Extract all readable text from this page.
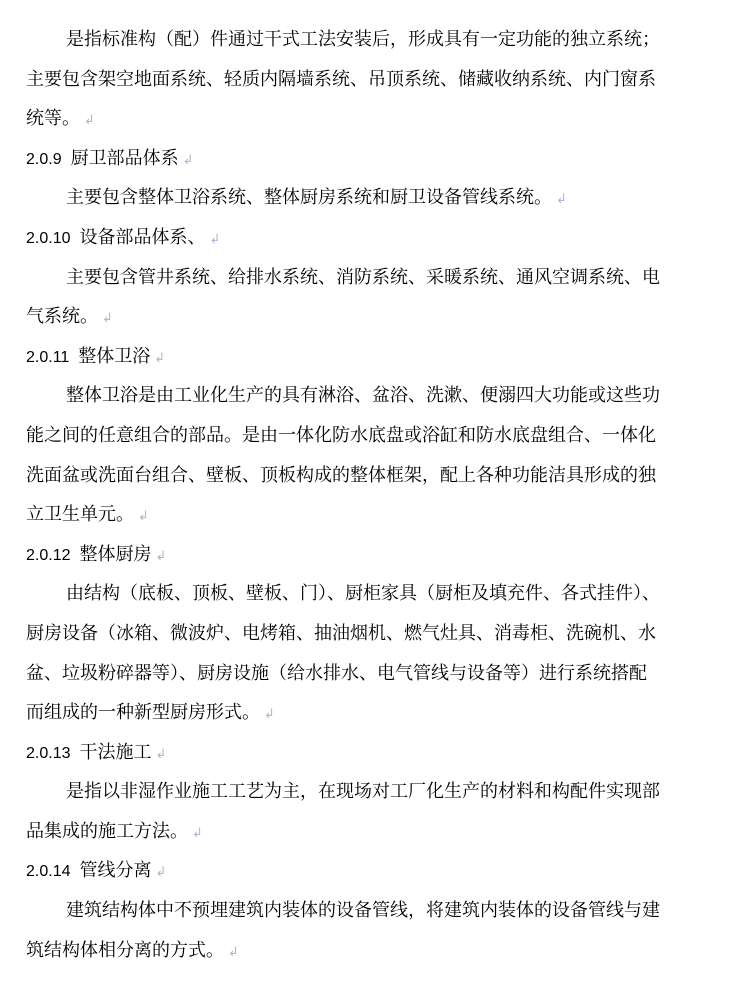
是指标准构（配）件通过干式工法安装后，形成具有一定功能的独立系统；
主要包含架空地面系统、轻质内隔墙系统、吊顶系统、储藏收纳系统、内门窗系
统等。 ↲
2.0.9 厨卫部品体系 ↲
主要包含整体卫浴系统、整体厨房系统和厨卫设备管线系统。 ↲
2.0.10 设备部品体系、 ↲
主要包含管井系统、给排水系统、消防系统、采暖系统、通风空调系统、电
气系统。 ↲
2.0.11 整体卫浴 ↲
整体卫浴是由工业化生产的具有淋浴、盆浴、洗漱、便溺四大功能或这些功
能之间的任意组合的部品。是由一体化防水底盘或浴缸和防水底盘组合、一体化
洗面盆或洗面台组合、壁板、顶板构成的整体框架，配上各种功能洁具形成的独
立卫生单元。 ↲
2.0.12 整体厨房 ↲
由结构（底板、顶板、壁板、门）、厨柜家具（厨柜及填充件、各式挂件）、
厨房设备（冰箱、微波炉、电烤箱、抽油烟机、燃气灶具、消毒柜、洗碗机、水
盆、垃圾粉碎器等）、厨房设施（给水排水、电气管线与设备等）进行系统搭配
而组成的一种新型厨房形式。 ↲
2.0.13 干法施工 ↲
是指以非湿作业施工工艺为主，在现场对工厂化生产的材料和构配件实现部
品集成的施工方法。 ↲
2.0.14 管线分离 ↲
建筑结构体中不预埋建筑内装体的设备管线，将建筑内装体的设备管线与建
筑结构体相分离的方式。 ↲
